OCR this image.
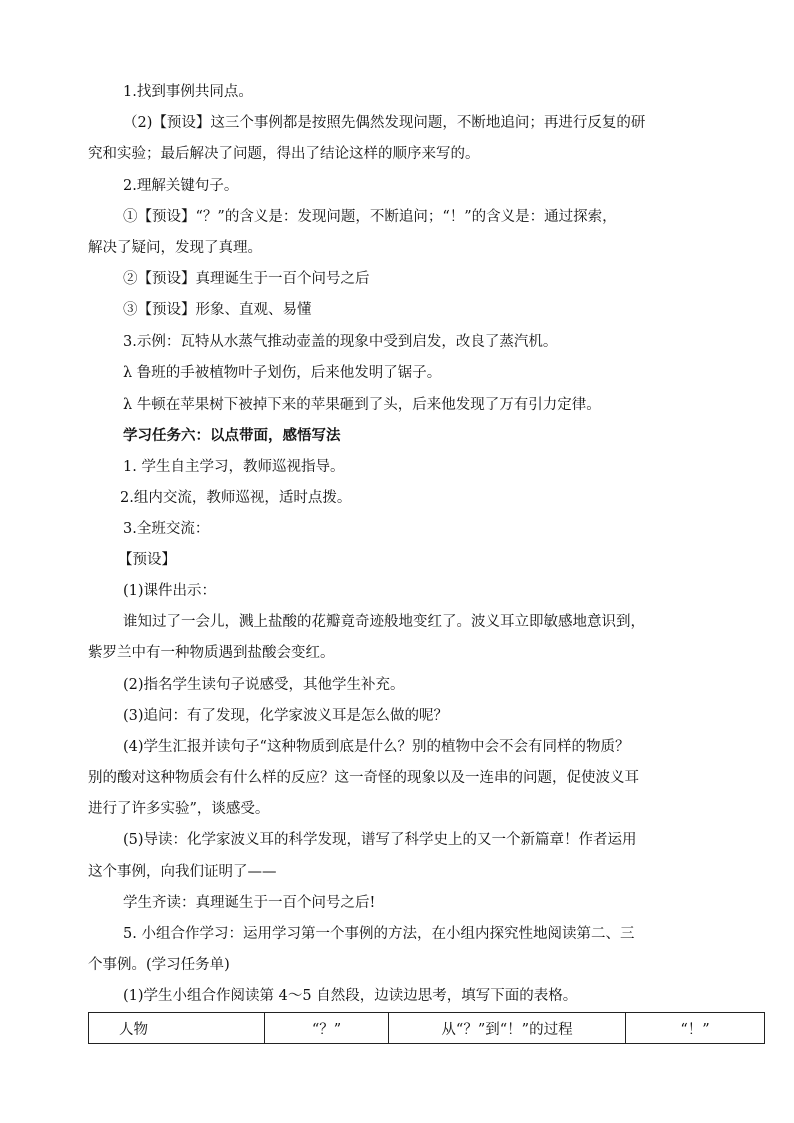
1.找到事例共同点。
（2)【预设】这三个事例都是按照先偶然发现问题，不断地追问；再进行反复的研
究和实验；最后解决了问题，得出了结论这样的顺序来写的。
2.理解关键句子。
①【预设】“？”的含义是：发现问题，不断追问；“！”的含义是：通过探索，
解决了疑问，发现了真理。
②【预设】真理诞生于一百个问号之后
③【预设】形象、直观、易懂
3.示例：瓦特从水蒸气推动壶盖的现象中受到启发，改良了蒸汽机。
λ 鲁班的手被植物叶子划伤，后来他发明了锯子。
λ 牛顿在苹果树下被掉下来的苹果砸到了头，后来他发现了万有引力定律。
学习任务六：以点带面，感悟写法
1. 学生自主学习，教师巡视指导。
2.组内交流，教师巡视，适时点拨。
3.全班交流：
【预设】
(1)课件出示：
谁知过了一会儿，溅上盐酸的花瓣竟奇迹般地变红了。波义耳立即敏感地意识到，
紫罗兰中有一种物质遇到盐酸会变红。
(2)指名学生读句子说感受，其他学生补充。
(3)追问：有了发现，化学家波义耳是怎么做的呢？
(4)学生汇报并读句子“这种物质到底是什么？别的植物中会不会有同样的物质？
别的酸对这种物质会有什么样的反应？这一奇怪的现象以及一连串的问题，促使波义耳
进行了许多实验”，谈感受。
(5)导读：化学家波义耳的科学发现，谱写了科学史上的又一个新篇章！作者运用
这个事例，向我们证明了——
学生齐读：真理诞生于一百个问号之后!
5. 小组合作学习：运用学习第一个事例的方法，在小组内探究性地阅读第二、三
个事例。(学习任务单)
(1)学生小组合作阅读第 4～5 自然段，边读边思考，填写下面的表格。
人物	“？”	从“？”到“！”的过程	“！”
